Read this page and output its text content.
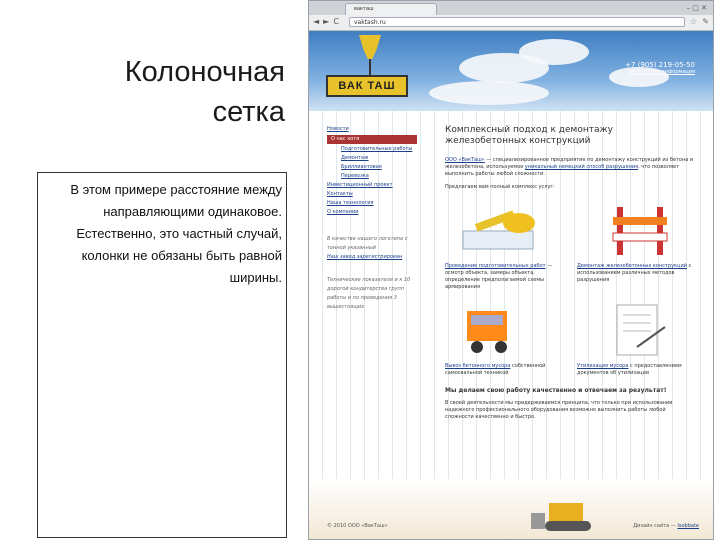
Колоночная
сетка
В этом примере расстояние между
направляющими одинаковое.
Естественно, это частный случай,
колонки не обязаны быть равной
ширины.
вакташ	– □ ✕
◄ ► C	vaktash.ru	☆ ✎
ВАК ТАШ
+7 (905) 219-05-50
контактная информация
Новости
О нас хотя
Подготовительные работы
Демонтаж
Бриллиантовая
Перевозка
Инвестиционный проект
Контакты
Наша технология
О компании
В качестве нашего логотипа с тонной указанный
Наш завод зарегистрирован
Технические показатели и к 10 дорогой кондитерства групп работы и по проведения 3 вышестоящих
Комплексный подход к демонтажу железобетонных конструкций

ООО «ВакТаш» — специализированное предприятие по демонтажу конструкций из бетона и железобетона, используемое уникальный немецкий способ разрушения, что позволяет выполнить работы любой сложности.

Предлагаем вам полный комплекс услуг:

Проведение подготовительных работ — осмотр объекта, замеры объекта, определение предполагаемой схемы армирования
Демонтаж железобетонных конструкций с использованием различных методов разрушения
Вывоз бетонного мусора собственной самосвальной техникой
Утилизация мусора с предоставлением документов об утилизации

Мы делаем свою работу качественно и отвечаем за результат!

В своей деятельности мы придерживаемся принципа, что только при использовании надежного профессионального оборудования возможно выполнить работы любой сложности качественно и быстро.

© 2010 ООО «ВакТаш»	Дизайн сайта — Isobbate
